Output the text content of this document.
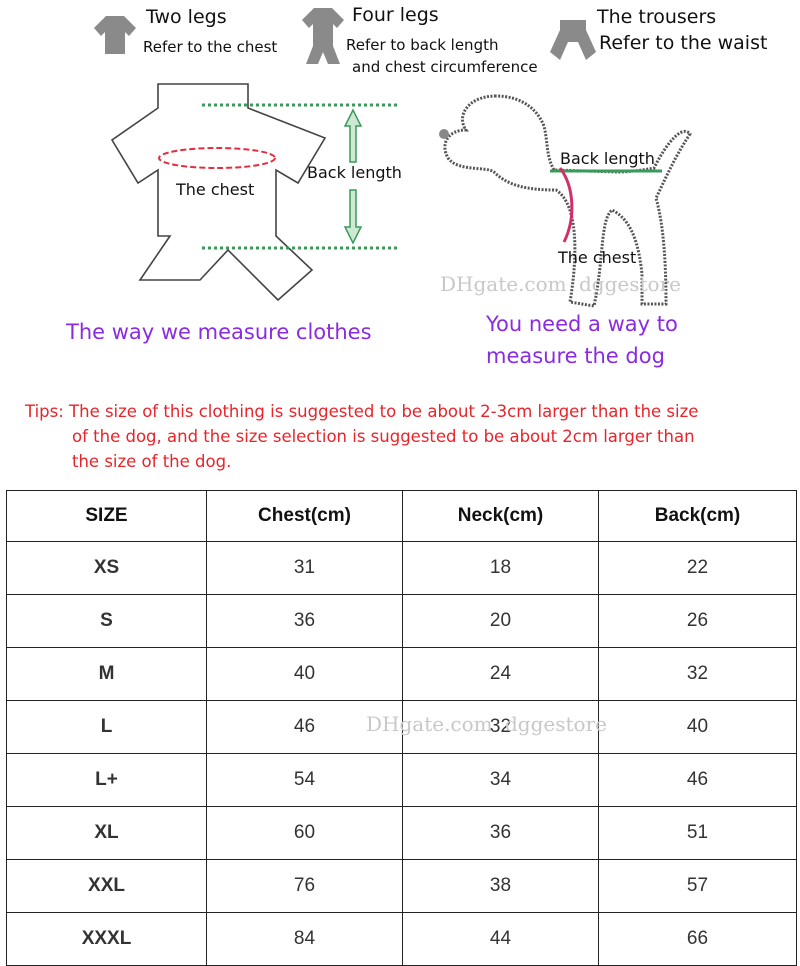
Two legs
Refer to the chest
Four legs
Refer to back length
and chest circumference
The trousers
Refer to the waist
The chest
Back length
The way we measure clothes
Back length
The chest
DHgate.com dggestore
You need a way to
measure the dog
Tips: The size of this clothing is suggested to be about 2-3cm larger than the size
of the dog, and the size selection is suggested to be about 2cm larger than
the size of the dog.
SIZE	Chest(cm)	Neck(cm)	Back(cm)
XS	31	18	22
S	36	20	26
M	40	24	32
L	46	32	40
L+	54	34	46
XL	60	36	51
XXL	76	38	57
XXXL	84	44	66
DHgate.com dggestore
